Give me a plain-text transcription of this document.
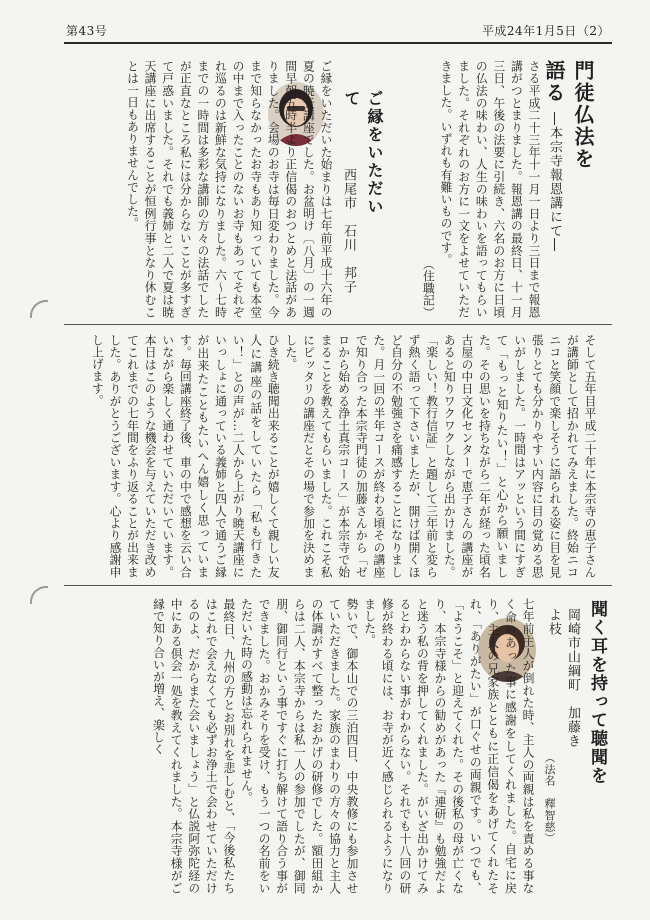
第43号	平成24年1月5日（2）
門徒仏法を語る
―本宗寺報恩講にて―

さる平成二十三年十一月一日より三日まで報恩講がつとまりました。報恩講の最終日、十一月三日、午後の法要に引続き、六名のお方に日頃の仏法の味わい、人生の味わいを語ってもらいました。それぞれのお方に一文をよせていただきました。いずれも有難いものです。

（住職記）
ご縁をいただいて
西尾市　石川　邦子

ご縁をいただいた始まりは七年前平成十六年の夏の暁天講座でした。お盆明け〔八月〕の一週間早朝五時半より正信偈のおつとめと法話がありました。会場のお寺は毎日変わりました。今まで知らなかったお寺もあり知っていても本堂の中まで入ったことのないお寺もあってそれぞれ巡るのは新鮮な気持になりました。六～七時までの一時間は多彩な講師の方々の法話でしたが正直なところ私には分からないことが多すぎて戸惑いました。それでも義姉と二人で夏は暁天講座に出席することが恒例行事となり休むことは一日もありませんでした。

そして五年目平成二十年に本宗寺の恵子さんが講師として招かれてみえました。終始ニコニコと笑顔で楽しそうに語られる姿に目を見張りとても分かりやすい内容に目の覚める思いがしました。一時間はアッという間にすぎて「もっと知りたい！」と心から願いました。その思いを持ちながら二年が経った頃名古屋の中日文化センターで恵子さんの講座があると知りワクワクしながら出かけました。「楽しい！教行信証」と題して三年前と変らず熱く語って下さいましたが、開けば開くほど自分の不勉強さを痛感することになりました。月一回の半年コースが終わる頃その講座で知り合った本宗寺門徒の加藤さんから「ゼロから始める浄土真宗コース」が本宗寺で始まることを教えてもらいました。これこそ私にピッタリの講座だとその場で参加を決めました。

ひき続き聴聞出来ることが嬉しくて親しい友人に講座の話をしていたら「私も行きたい！」との声が…二人から上がり暁天講座にいっしょに通っている義姉と四人で通うご縁が出来たこともたいへん嬉しく思っています。毎回講座終了後、車の中で感想を云い合いながら楽しく通わせていただいています。本日はこのような機会を与えていただき改めてこれまでの七年間をふり返ることが出来ました。ありがとうございます。心より感謝申し上げます。

聞く耳を持って聴聞を
岡崎市山綱町　加藤きよ枝
（法名　釋智慈）

七年前主人が倒れた時、主人の両親は私を責める事なく命のあった事に感謝をしてくれました。自宅に戻り、主人の兄家族とともに正信偈をあげてくれたそれ、「ありがたい」が口ぐせの両親です。いつでも、「ようこそ」と迎えてくれた。その後私の母が亡くなり、本宗寺様からの勧めがあった『連研』も勉強だよと迷う私の背を押してくれました。がいざ出かけてみるとわからない事がわからない。それでも十八回の研修が終わる頃には、お寺が近く感じられるようになりました。

勢いで、御本山での三泊四日、中央教修にも参加させていただきました。家族のまわりの方々の協力と主人の体調がすべて整ったおかげの研修でした。額田組からは二人、本宗寺からは私一人の参加でしたが、御同朋、御同行という事ですぐに打ち解けて語り合う事ができました。おかみそりを受け、もう一つの名前をいただいた時の感動は忘れられません。

最終日、九州の方とお別れを悲しむと、「今後私たちはこれで会えなくても必ずお浄土で会わせていただけるのよ、だからまた会いましょう」と仏説阿弥陀経の中にある倶会一処を教えてくれました。本宗寺様がご縁で知り合いが増え、楽しく
